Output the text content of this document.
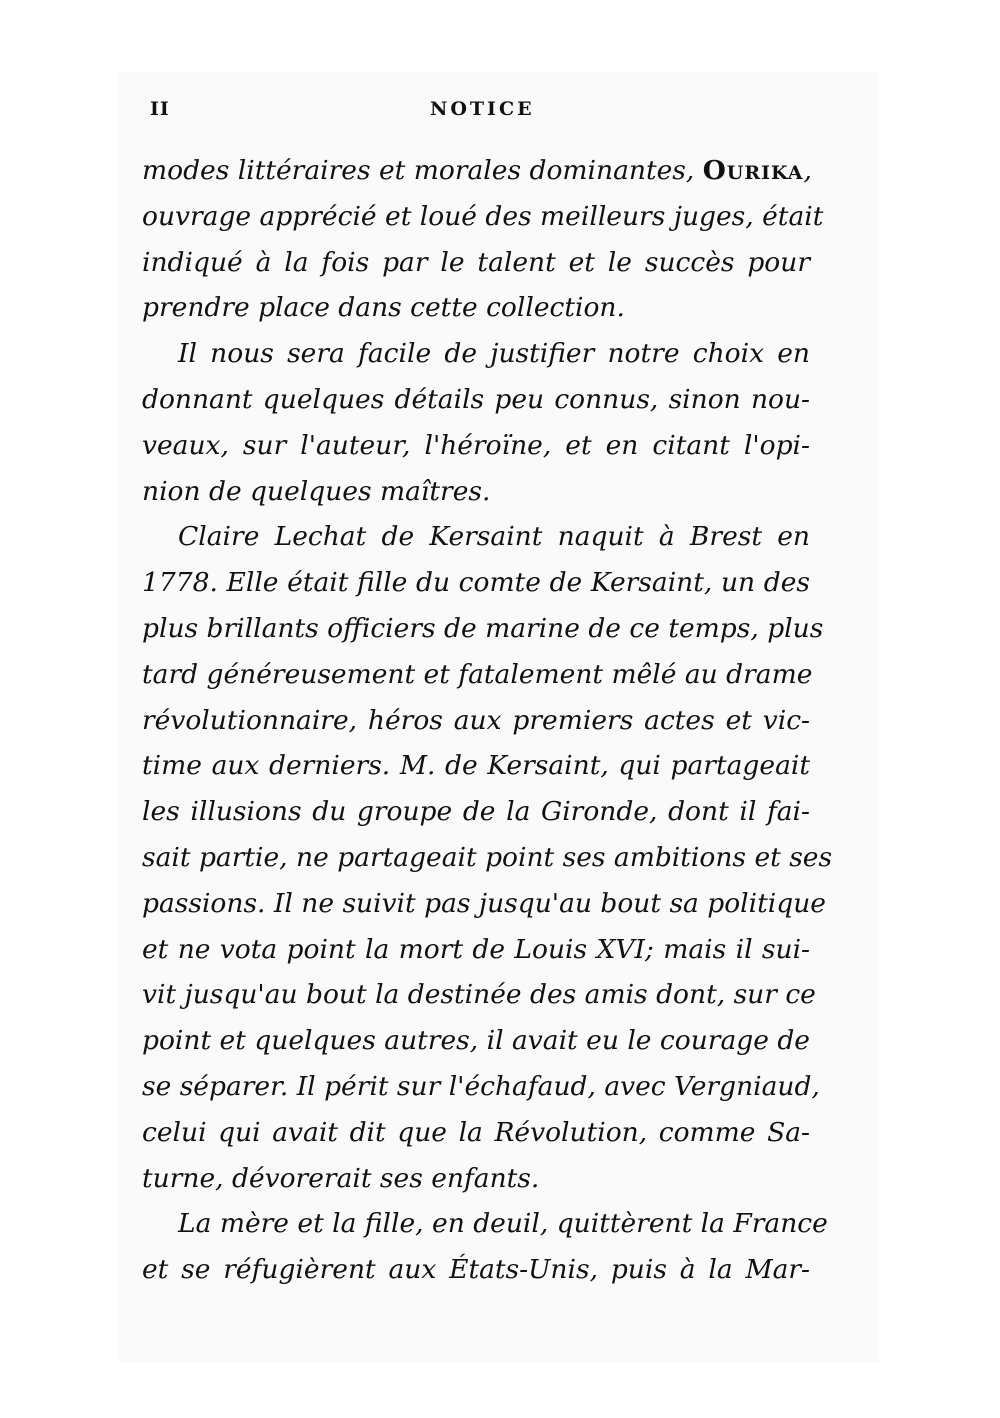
II	NOTICE
modes littéraires et morales dominantes, Ourika,
ouvrage apprécié et loué des meilleurs juges, était
indiqué à la fois par le talent et le succès pour
prendre place dans cette collection.
Il nous sera facile de justifier notre choix en
donnant quelques détails peu connus, sinon nou-
veaux, sur l'auteur, l'héroïne, et en citant l'opi-
nion de quelques maîtres.
Claire Lechat de Kersaint naquit à Brest en
1778. Elle était fille du comte de Kersaint, un des
plus brillants officiers de marine de ce temps, plus
tard généreusement et fatalement mêlé au drame
révolutionnaire, héros aux premiers actes et vic-
time aux derniers. M. de Kersaint, qui partageait
les illusions du groupe de la Gironde, dont il fai-
sait partie, ne partageait point ses ambitions et ses
passions. Il ne suivit pas jusqu'au bout sa politique
et ne vota point la mort de Louis XVI; mais il sui-
vit jusqu'au bout la destinée des amis dont, sur ce
point et quelques autres, il avait eu le courage de
se séparer. Il périt sur l'échafaud, avec Vergniaud,
celui qui avait dit que la Révolution, comme Sa-
turne, dévorerait ses enfants.
La mère et la fille, en deuil, quittèrent la France
et se réfugièrent aux États-Unis, puis à la Mar-
